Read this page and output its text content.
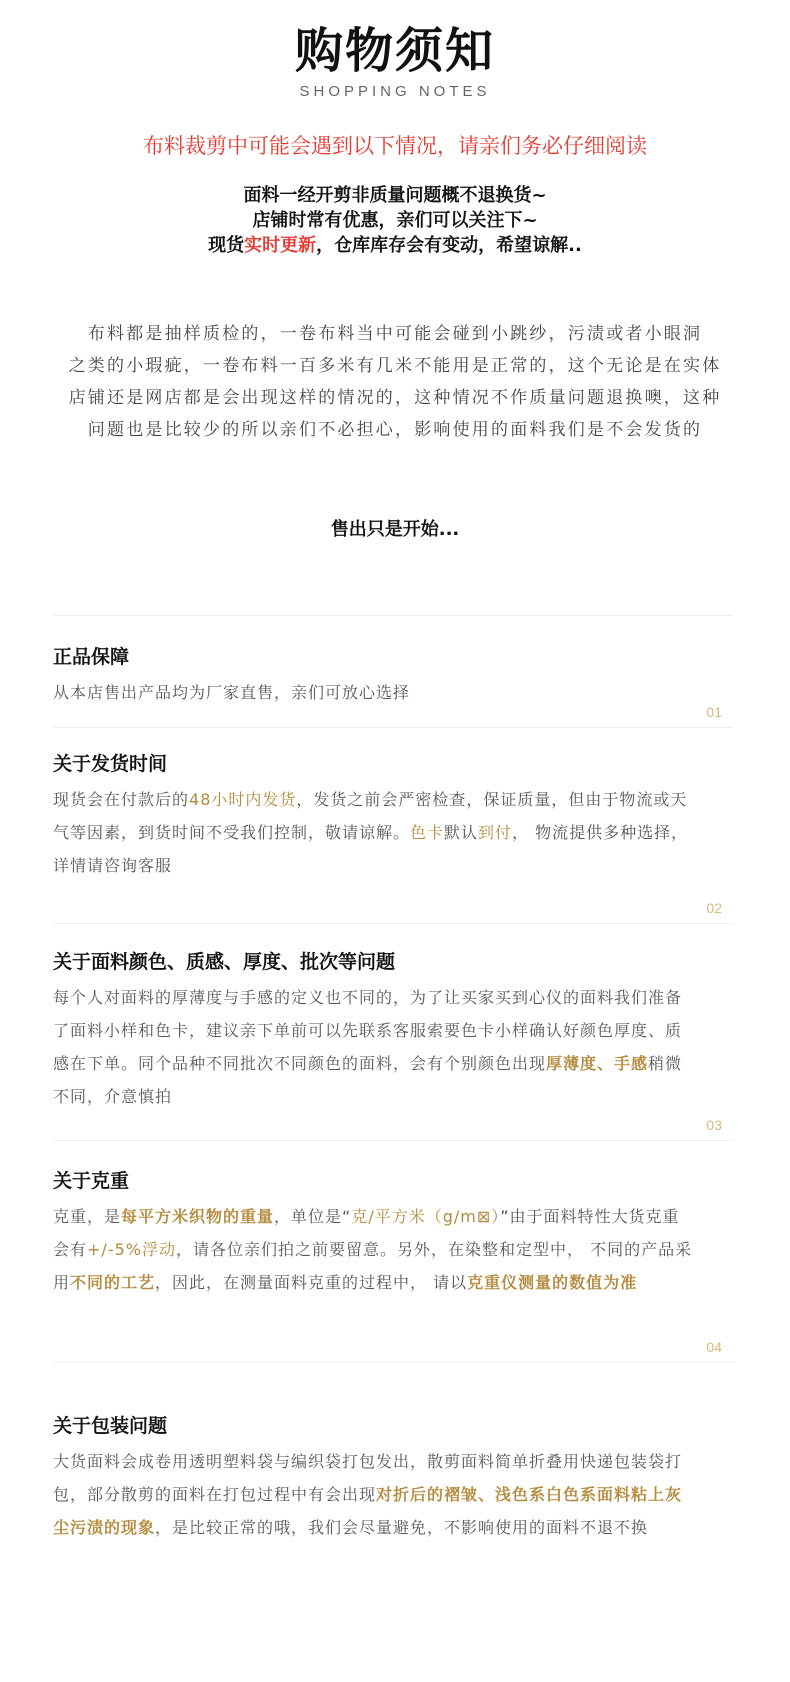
购物须知
SHOPPING NOTES
布料裁剪中可能会遇到以下情况，请亲们务必仔细阅读
面料一经开剪非质量问题概不退换货~
店铺时常有优惠，亲们可以关注下~
现货实时更新，仓库库存会有变动，希望谅解..
布料都是抽样质检的，一卷布料当中可能会碰到小跳纱，污渍或者小眼洞
之类的小瑕疵，一卷布料一百多米有几米不能用是正常的，这个无论是在实体
店铺还是网店都是会出现这样的情况的，这种情况不作质量问题退换噢，这种
问题也是比较少的所以亲们不必担心，影响使用的面料我们是不会发货的
售出只是开始...
正品保障
从本店售出产品均为厂家直售，亲们可放心选择
01
关于发货时间
现货会在付款后的48小时内发货，发货之前会严密检查，保证质量，但由于物流或天气等因素，到货时间不受我们控制，敬请谅解。色卡默认到付， 物流提供多种选择，详情请咨询客服
02
关于面料颜色、质感、厚度、批次等问题
每个人对面料的厚薄度与手感的定义也不同的，为了让买家买到心仪的面料我们准备了面料小样和色卡，建议亲下单前可以先联系客服索要色卡小样确认好颜色厚度、质感在下单。同个品种不同批次不同颜色的面料，会有个别颜色出现厚薄度、手感稍微不同，介意慎拍
03
关于克重
克重，是每平方米织物的重量，单位是“克/平方米（g/m⊠）”由于面料特性大货克重会有+/-5%浮动，请各位亲们拍之前要留意。另外，在染整和定型中， 不同的产品采用不同的工艺，因此，在测量面料克重的过程中， 请以克重仪测量的数值为准
04
关于包装问题
大货面料会成卷用透明塑料袋与编织袋打包发出，散剪面料简单折叠用快递包装袋打包，部分散剪的面料在打包过程中有会出现对折后的褶皱、浅色系白色系面料粘上灰尘污渍的现象，是比较正常的哦，我们会尽量避免，不影响使用的面料不退不换
